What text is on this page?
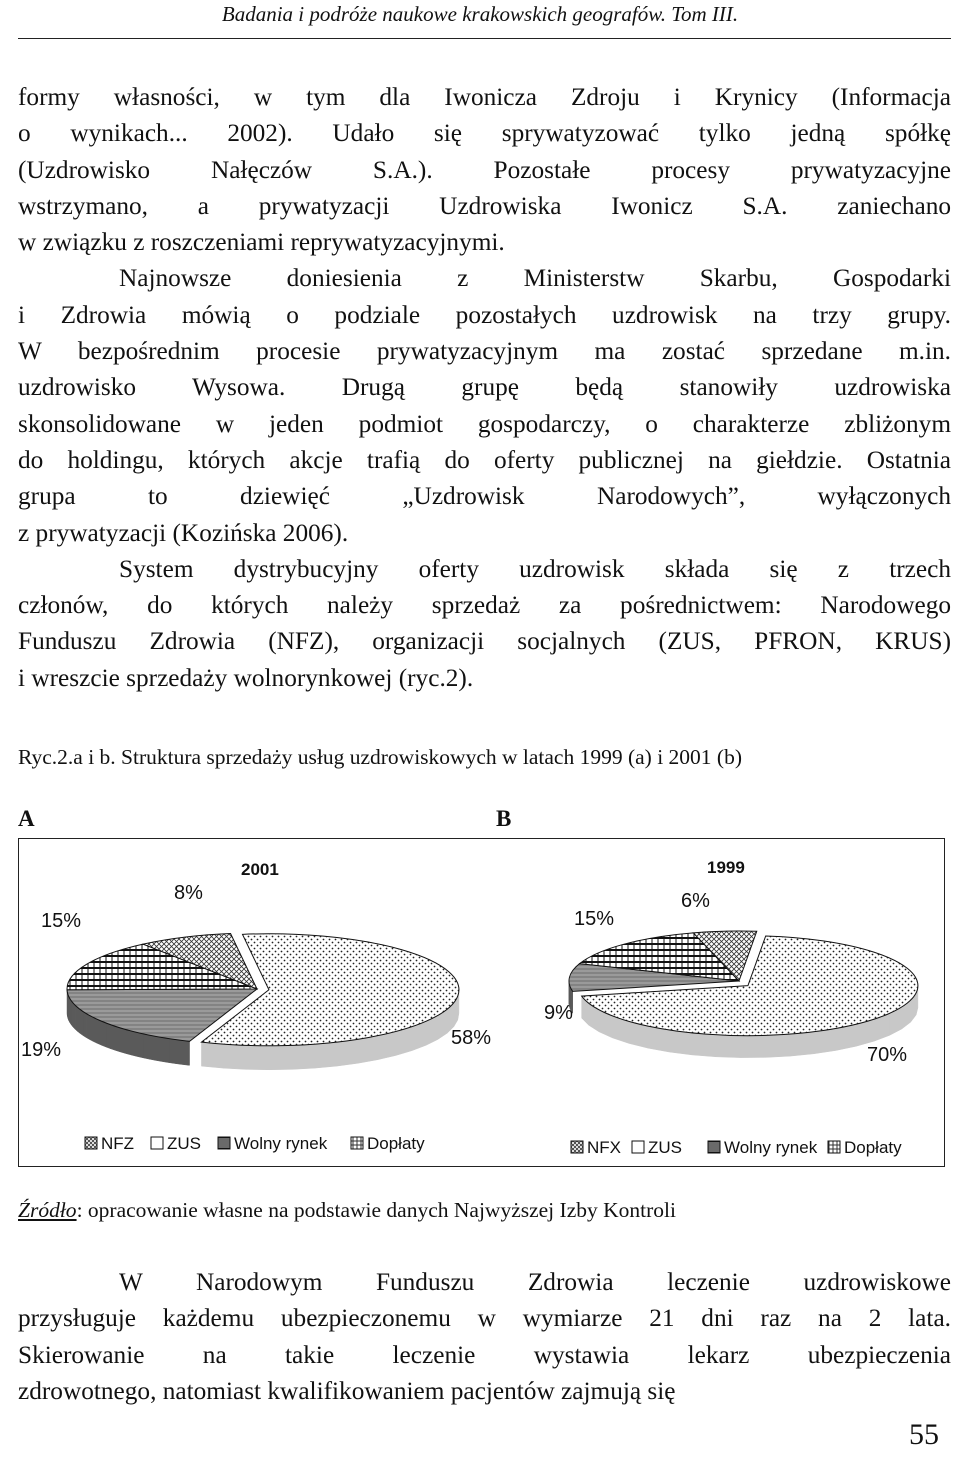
Badania i podróże naukowe krakowskich geografów. Tom III.
formy własności, w tym dla Iwonicza Zdroju i Krynicy (Informacja
o wynikach... 2002). Udało się sprywatyzować tylko jedną spółkę
(Uzdrowisko Nałęczów S.A.). Pozostałe procesy prywatyzacyjne
wstrzymano, a prywatyzacji Uzdrowiska Iwonicz S.A. zaniechano
w związku z roszczeniami reprywatyzacyjnymi.
Najnowsze doniesienia z Ministerstw Skarbu, Gospodarki
i Zdrowia mówią o podziale pozostałych uzdrowisk na trzy grupy.
W bezpośrednim procesie prywatyzacyjnym ma zostać sprzedane m.in.
uzdrowisko Wysowa. Drugą grupę będą stanowiły uzdrowiska
skonsolidowane w jeden podmiot gospodarczy, o charakterze zbliżonym
do holdingu, których akcje trafią do oferty publicznej na giełdzie. Ostatnia
grupa to dziewięć „Uzdrowisk Narodowych”, wyłączonych
z prywatyzacji (Kozińska 2006).
System dystrybucyjny oferty uzdrowisk składa się z trzech
członów, do których należy sprzedaż za pośrednictwem: Narodowego
Funduszu Zdrowia (NFZ), organizacji socjalnych (ZUS, PFRON, KRUS)
i wreszcie sprzedaży wolnorynkowej (ryc.2).
Ryc.2.a i b. Struktura sprzedaży usług uzdrowiskowych w latach 1999 (a) i 2001 (b)
A	B
58%
19%
15%
8%
2001
70%
9%
15%
6%
1999
NFZ ZUS Wolny rynek Dopłaty	NFX ZUS Wolny rynek Dopłaty
Źródło: opracowanie własne na podstawie danych Najwyższej Izby Kontroli
W Narodowym Funduszu Zdrowia leczenie uzdrowiskowe
przysługuje każdemu ubezpieczonemu w wymiarze 21 dni raz na 2 lata.
Skierowanie na takie leczenie wystawia lekarz ubezpieczenia
zdrowotnego, natomiast kwalifikowaniem pacjentów zajmują się
55
